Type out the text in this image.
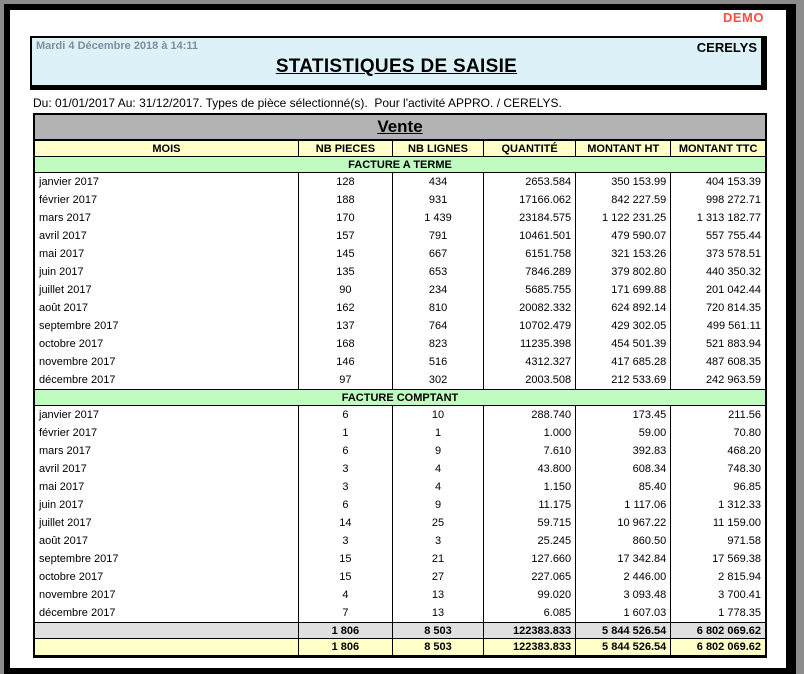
DEMO
Mardi 4 Décembre 2018 à 14:11	CERELYS
STATISTIQUES DE SAISIE
Du: 01/01/2017 Au: 31/12/2017. Types de pièce sélectionné(s).  Pour l'activité APPRO. / CERELYS.
Vente					
MOIS	NB PIECES	NB LIGNES	QUANTITÉ	MONTANT HT	MONTANT TTC
FACTURE A TERME					
janvier 2017	128	434	2653.584	350 153.99	404 153.39
février 2017	188	931	17166.062	842 227.59	998 272.71
mars 2017	170	1 439	23184.575	1 122 231.25	1 313 182.77
avril 2017	157	791	10461.501	479 590.07	557 755.44
mai 2017	145	667	6151.758	321 153.26	373 578.51
juin 2017	135	653	7846.289	379 802.80	440 350.32
juillet 2017	90	234	5685.755	171 699.88	201 042.44
août 2017	162	810	20082.332	624 892.14	720 814.35
septembre 2017	137	764	10702.479	429 302.05	499 561.11
octobre 2017	168	823	11235.398	454 501.39	521 883.94
novembre 2017	146	516	4312.327	417 685.28	487 608.35
décembre 2017	97	302	2003.508	212 533.69	242 963.59
FACTURE COMPTANT					
janvier 2017	6	10	288.740	173.45	211.56
février 2017	1	1	1.000	59.00	70.80
mars 2017	6	9	7.610	392.83	468.20
avril 2017	3	4	43.800	608.34	748.30
mai 2017	3	4	1.150	85.40	96.85
juin 2017	6	9	11.175	1 117.06	1 312.33
juillet 2017	14	25	59.715	10 967.22	11 159.00
août 2017	3	3	25.245	860.50	971.58
septembre 2017	15	21	127.660	17 342.84	17 569.38
octobre 2017	15	27	227.065	2 446.00	2 815.94
novembre 2017	4	13	99.020	3 093.48	3 700.41
décembre 2017	7	13	6.085	1 607.03	1 778.35
	1 806	8 503	122383.833	5 844 526.54	6 802 069.62
	1 806	8 503	122383.833	5 844 526.54	6 802 069.62
